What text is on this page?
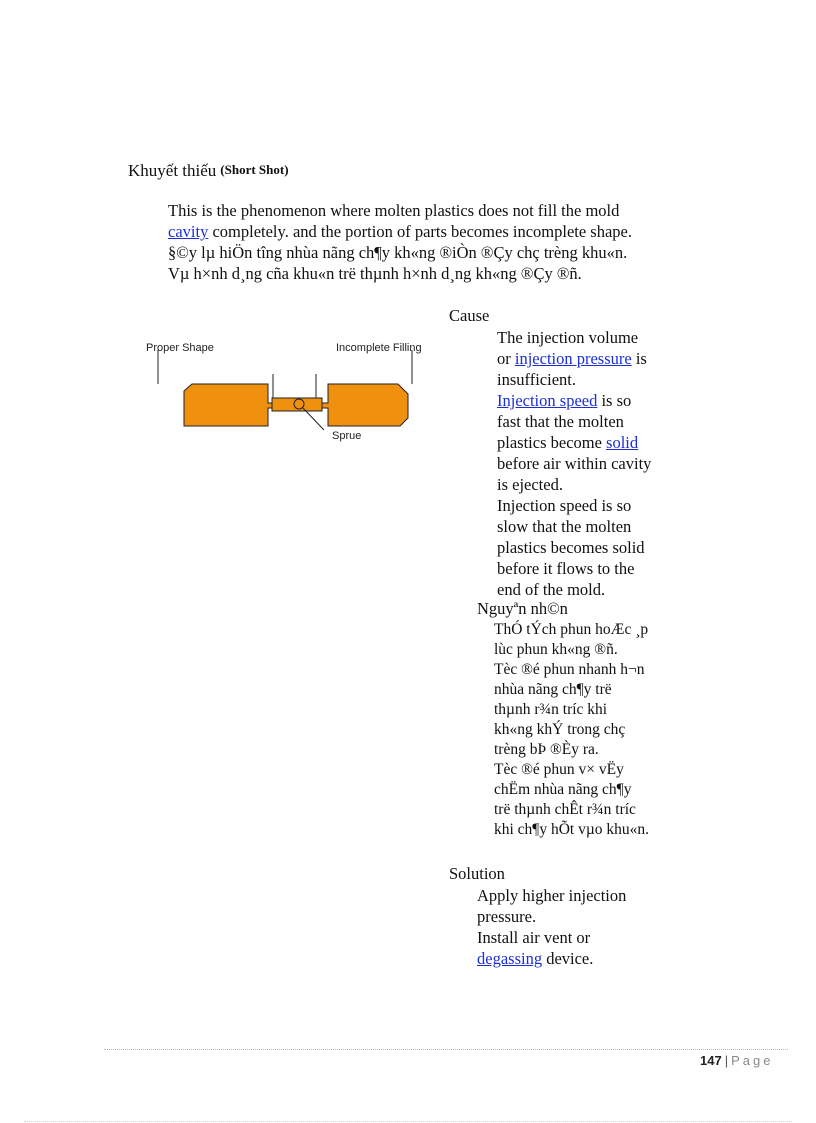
Khuyết thiếu (Short Shot)

This is the phenomenon where molten plastics does not fill the mold

cavity completely. and the portion of parts becomes incomplete shape.

§©y lµ hiÖn tîng nhùa nãng ch¶y kh«ng ®iÒn ®Çy chç trèng khu«n.

Vµ h×nh d¸ng cña khu«n trë thµnh h×nh d¸ng kh«ng ®Çy ®ñ.

Proper Shape	Incomplete Filling
Sprue
Cause
The injection volume
or injection pressure is
insufficient.
Injection speed is so
fast that the molten
plastics become solid
before air within cavity
is ejected.
Injection speed is so
slow that the molten
plastics becomes solid
before it flows to the
end of the mold.
Nguyªn nh©n
ThÓ tÝch phun hoÆc ¸p
lùc phun kh«ng ®ñ.
Tèc ®é phun nhanh h¬n
nhùa nãng ch¶y trë
thµnh r¾n tríc khi
kh«ng khÝ trong chç
trèng bÞ ®Èy ra.
Tèc ®é phun v× vËy
chËm nhùa nãng ch¶y
trë thµnh chÊt r¾n tríc
khi ch¶y hÕt vµo khu«n.
Solution
Apply higher injection
pressure.
Install air vent or
degassing device.
147 | Page
